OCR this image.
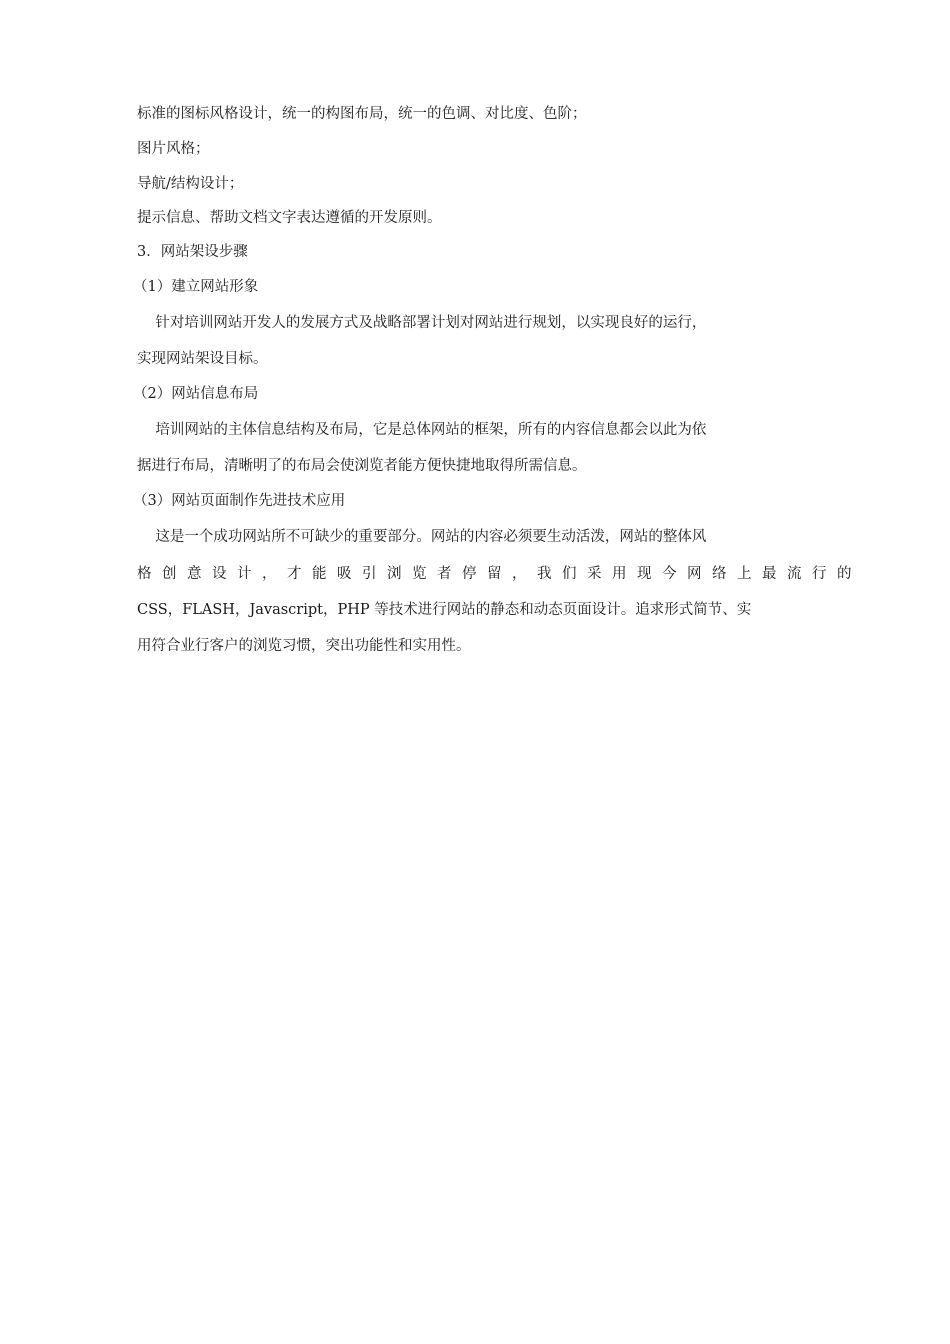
标准的图标风格设计，统一的构图布局，统一的色调、对比度、色阶；
图片风格；
导航/结构设计；
提示信息、帮助文档文字表达遵循的开发原则。
3．网站架设步骤
（1）建立网站形象
针对培训网站开发人的发展方式及战略部署计划对网站进行规划，以实现良好的运行，
实现网站架设目标。
（2）网站信息布局
培训网站的主体信息结构及布局，它是总体网站的框架，所有的内容信息都会以此为依
据进行布局，清晰明了的布局会使浏览者能方便快捷地取得所需信息。
（3）网站页面制作先进技术应用
这是一个成功网站所不可缺少的重要部分。网站的内容必须要生动活泼，网站的整体风
格创意设计，才能吸引浏览者停留，我们采用现今网络上最流行的
CSS，FLASH，Javascript，PHP 等技术进行网站的静态和动态页面设计。追求形式简节、实
用符合业行客户的浏览习惯，突出功能性和实用性。
